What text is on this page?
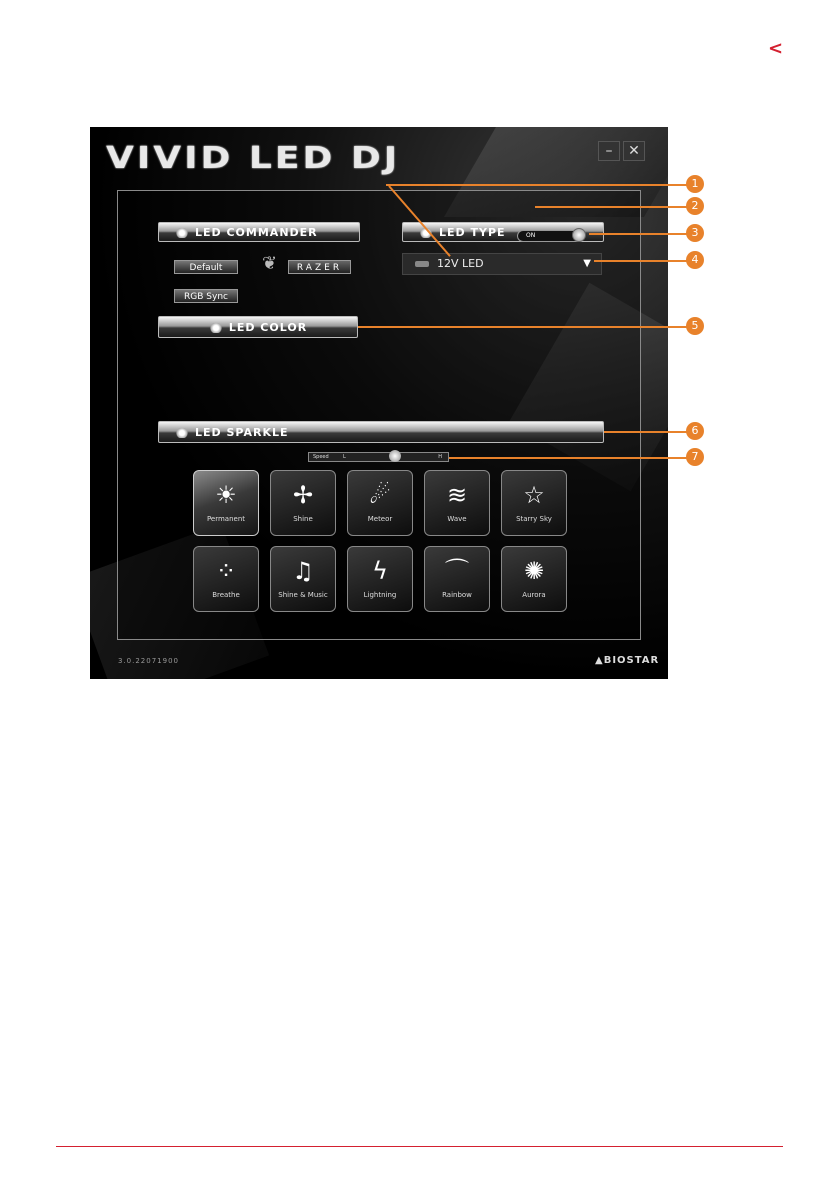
<
VIVID LED DJ	–	✕
LED COMMANDER
Default	❦	RAZER
RGB Sync
LED TYPE	ON
12V LED	▼
LED COLOR
LED SPARKLE
Speed	L	H
☀
Permanent
✢
Shine
☄
Meteor
≋
Wave
☆
Starry Sky
⁘
Breathe
♫
Shine & Music
ϟ
Lightning
⌒
Rainbow
✺
Aurora
3.0.22071900	▲BIOSTAR
1
2
3
4
5
6
7
